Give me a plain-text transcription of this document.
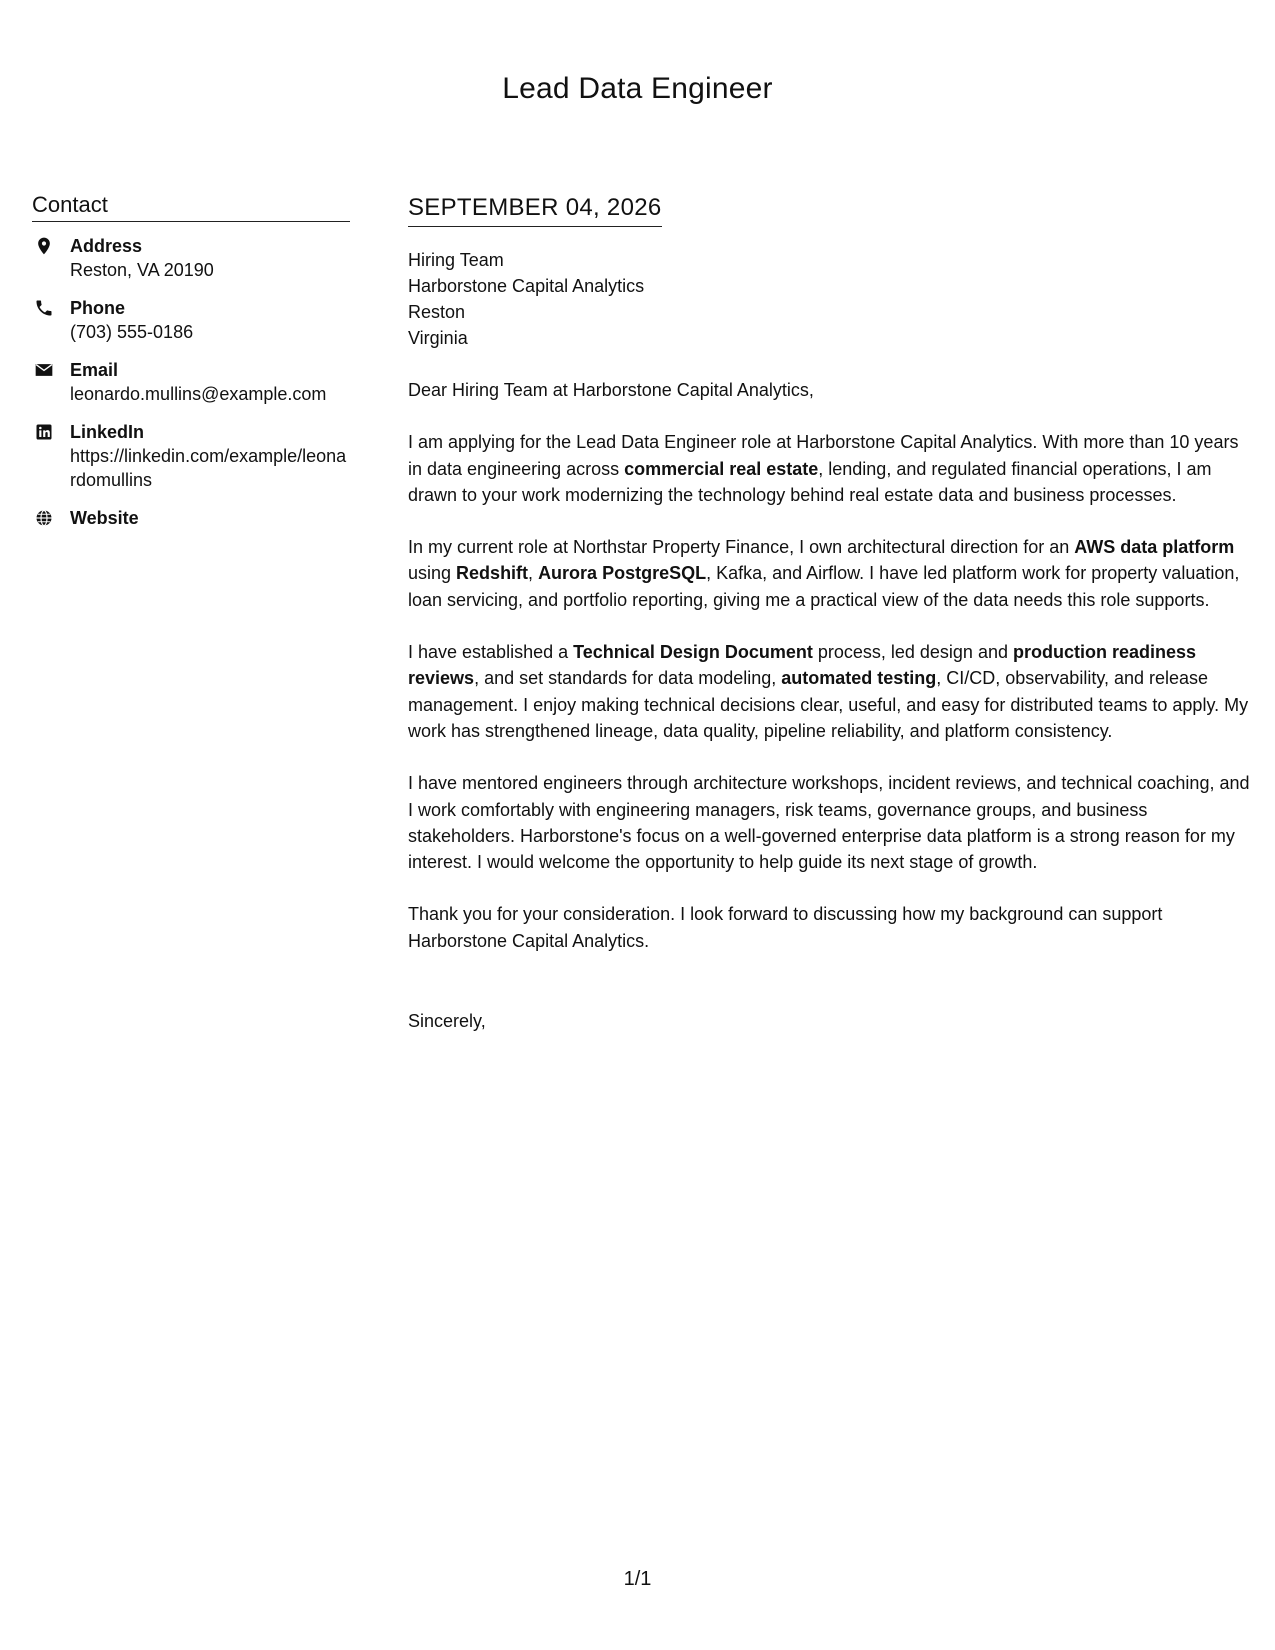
Lead Data Engineer
Contact
Address
Reston, VA 20190
Phone
(703) 555-0186
Email
leonardo.mullins@example.com
LinkedIn
https://linkedin.com/example/leonardomullins
Website
SEPTEMBER 04, 2026
Hiring Team
Harborstone Capital Analytics
Reston
Virginia

Dear Hiring Team at Harborstone Capital Analytics,

I am applying for the Lead Data Engineer role at Harborstone Capital Analytics. With more than 10 years in data engineering across commercial real estate, lending, and regulated financial operations, I am drawn to your work modernizing the technology behind real estate data and business processes.

In my current role at Northstar Property Finance, I own architectural direction for an AWS data platform using Redshift, Aurora PostgreSQL, Kafka, and Airflow. I have led platform work for property valuation, loan servicing, and portfolio reporting, giving me a practical view of the data needs this role supports.

I have established a Technical Design Document process, led design and production readiness reviews, and set standards for data modeling, automated testing, CI/CD, observability, and release management. I enjoy making technical decisions clear, useful, and easy for distributed teams to apply. My work has strengthened lineage, data quality, pipeline reliability, and platform consistency.

I have mentored engineers through architecture workshops, incident reviews, and technical coaching, and I work comfortably with engineering managers, risk teams, governance groups, and business stakeholders. Harborstone's focus on a well-governed enterprise data platform is a strong reason for my interest. I would welcome the opportunity to help guide its next stage of growth.

Thank you for your consideration. I look forward to discussing how my background can support Harborstone Capital Analytics.

Sincerely,
1/1
